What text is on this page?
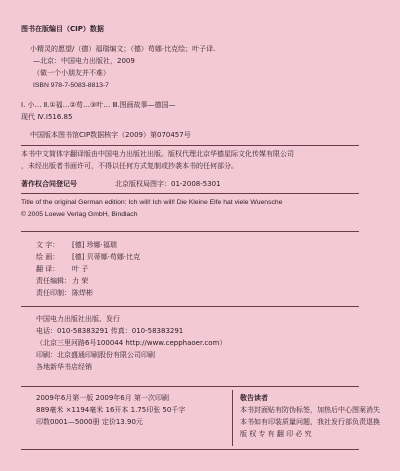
图书在版编目（CIP）数据
小精灵的愿望/（德）福瑞编文；（德）苟娜·比克绘；叶子译.
—北京：中国电力出版社，2009
（做一个小朋友并不难）
ISBN 978-7-5083-8813-7
Ⅰ. 小… Ⅱ.①福…②苟…③叶… Ⅲ.图画故事—德国—
现代 Ⅳ.I516.85
中国版本图书馆CIP数据核字（2009）第070457号
本书中文简体字翻译版由中国电力出版社出版。版权代理北京华德星际文化传媒有限公司
，未经出版者书面许可，不得以任何方式复制或抄袭本书的任何部分。
著作权合同登记号	北京版权局图字：01-2008-5301
Title of the original German edition: Ich will! Ich will! Die Kleine Elfe hat viele Wuensche
© 2005 Loewe Verlag GmbH, Bindlach
文 字： [德] 珍娜·福瑞
绘 画： [德] 贝蒂娜·苟娜·比克
翻 译： 叶 子
责任编辑：力 荣
责任印制：陈焊彬
中国电力出版社出版、发行
电话：010-58383291 传真：010-58383291
（北京三里河路6号100044 http://www.cepphaoer.com）
印刷：北京盛通印刷股份有限公司印刷
各地新华书店经销
2009年6月第一版 2009年6月 第一次印刷
889毫米 ×1194毫米 16开本 1.75印张 50千字
印数0001—5000册 定价13.90元
敬告读者
本书封面贴有防伪标签，加热后中心图案消失
本书如有印装质量问题，我社发行部负责退换
版 权 专 有 翻 印 必 究
